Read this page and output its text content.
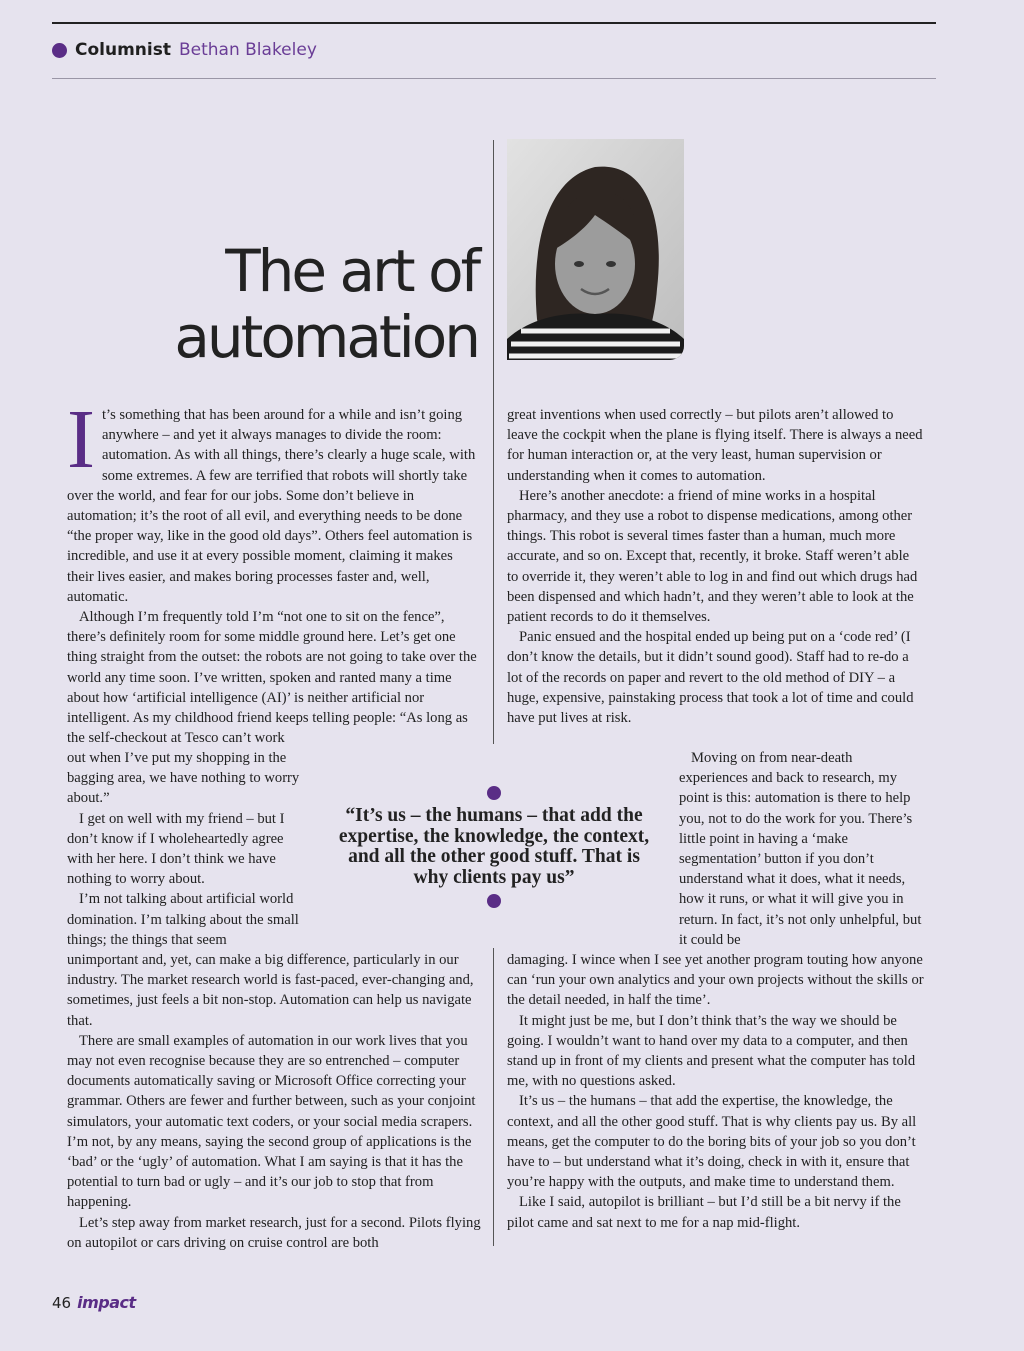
Columnist Bethan Blakeley
The art of
automation

It’s something that has been around for a while and isn’t going anywhere – and yet it always manages to divide the room: automation. As with all things, there’s clearly a huge scale, with some extremes. A few are terrified that robots will shortly take over the world, and fear for our jobs. Some don’t believe in automation; it’s the root of all evil, and everything needs to be done “the proper way, like in the good old days”. Others feel automation is incredible, and use it at every possible moment, claiming it makes their lives easier, and makes boring processes faster and, well, automatic.

Although I’m frequently told I’m “not one to sit on the fence”, there’s definitely room for some middle ground here. Let’s get one thing straight from the outset: the robots are not going to take over the world any time soon. I’ve written, spoken and ranted many a time about how ‘artificial intelligence (AI)’ is neither artificial nor intelligent. As my childhood friend keeps telling people: “As long as the self-checkout at Tesco can’t work

out when I’ve put my shopping in the bagging area, we have nothing to worry about.”

I get on well with my friend – but I don’t know if I wholeheartedly agree with her here. I don’t think we have nothing to worry about.

I’m not talking about artificial world domination. I’m talking about the small things; the things that seem

unimportant and, yet, can make a big difference, particularly in our industry. The market research world is fast-paced, ever-changing and, sometimes, just feels a bit non-stop. Automation can help us navigate that.

There are small examples of automation in our work lives that you may not even recognise because they are so entrenched – computer documents automatically saving or Microsoft Office correcting your grammar. Others are fewer and further between, such as your conjoint simulators, your automatic text coders, or your social media scrapers. I’m not, by any means, saying the second group of applications is the ‘bad’ or the ‘ugly’ of automation. What I am saying is that it has the potential to turn bad or ugly – and it’s our job to stop that from happening.

Let’s step away from market research, just for a second. Pilots flying on autopilot or cars driving on cruise control are both

great inventions when used correctly – but pilots aren’t allowed to leave the cockpit when the plane is flying itself. There is always a need for human interaction or, at the very least, human supervision or understanding when it comes to automation.

Here’s another anecdote: a friend of mine works in a hospital pharmacy, and they use a robot to dispense medications, among other things. This robot is several times faster than a human, much more accurate, and so on. Except that, recently, it broke. Staff weren’t able to override it, they weren’t able to log in and find out which drugs had been dispensed and which hadn’t, and they weren’t able to look at the patient records to do it themselves.

Panic ensued and the hospital ended up being put on a ‘code red’ (I don’t know the details, but it didn’t sound good). Staff had to re-do a lot of the records on paper and revert to the old method of DIY – a huge, expensive, painstaking process that took a lot of time and could have put lives at risk.

Moving on from near-death experiences and back to research, my point is this: automation is there to help you, not to do the work for you. There’s little point in having a ‘make segmentation’ button if you don’t understand what it does, what it needs, how it runs, or what it will give you in return. In fact, it’s not only unhelpful, but it could be

damaging. I wince when I see yet another program touting how anyone can ‘run your own analytics and your own projects without the skills or the detail needed, in half the time’.

It might just be me, but I don’t think that’s the way we should be going. I wouldn’t want to hand over my data to a computer, and then stand up in front of my clients and present what the computer has told me, with no questions asked.

It’s us – the humans – that add the expertise, the knowledge, the context, and all the other good stuff. That is why clients pay us. By all means, get the computer to do the boring bits of your job so you don’t have to – but understand what it’s doing, check in with it, ensure that you’re happy with the outputs, and make time to understand them.

Like I said, autopilot is brilliant – but I’d still be a bit nervy if the pilot came and sat next to me for a nap mid-flight.

“It’s us – the humans – that add the expertise, the knowledge, the context, and all the other good stuff. That is why clients pay us”
46 impact
